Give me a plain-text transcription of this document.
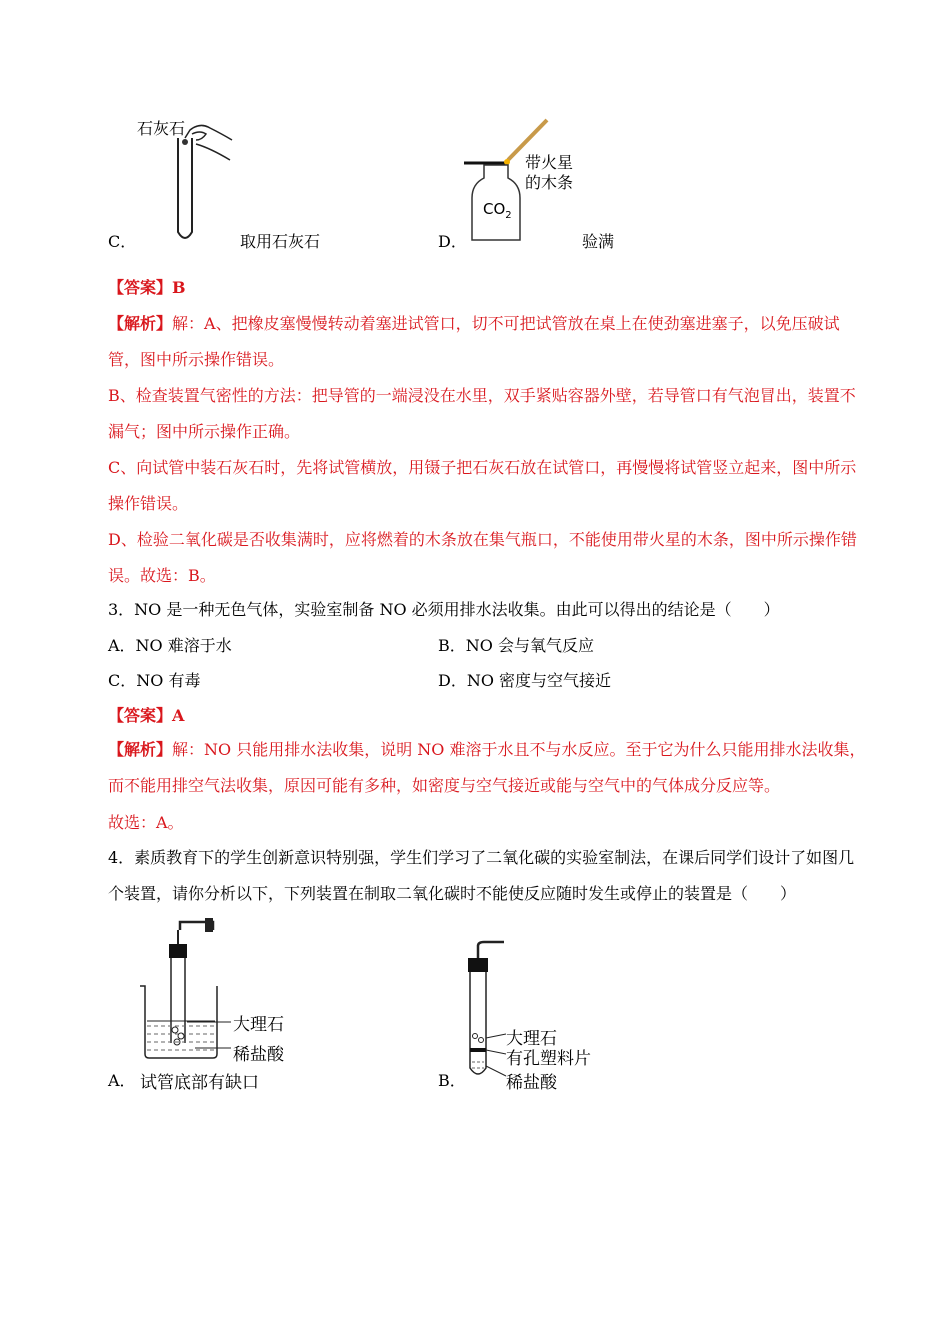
C．
石灰石
取用石灰石	D．
$CO_2$
带火星
的木条
验满
【答案】B
【解析】解：A、把橡皮塞慢慢转动着塞进试管口，切不可把试管放在桌上在使劲塞进塞子，以免压破试管，图中所示操作错误。
B、检查装置气密性的方法：把导管的一端浸没在水里，双手紧贴容器外壁，若导管口有气泡冒出，装置不漏气；图中所示操作正确。
C、向试管中装石灰石时，先将试管横放，用镊子把石灰石放在试管口，再慢慢将试管竖立起来，图中所示操作错误。
D、检验二氧化碳是否收集满时，应将燃着的木条放在集气瓶口，不能使用带火星的木条，图中所示操作错误。故选：B。
3．NO 是一种无色气体，实验室制备 NO 必须用排水法收集。由此可以得出的结论是（　　）
A．NO 难溶于水	B．NO 会与氧气反应
C．NO 有毒	D．NO 密度与空气接近
【答案】A
【解析】解：NO 只能用排水法收集，说明 NO 难溶于水且不与水反应。至于它为什么只能用排水法收集，而不能用排空气法收集，原因可能有多种，如密度与空气接近或能与空气中的气体成分反应等。
故选：A。
4．素质教育下的学生创新意识特别强，学生们学习了二氧化碳的实验室制法，在课后同学们设计了如图几个装置，请你分析以下，下列装置在制取二氧化碳时不能使反应随时发生或停止的装置是（　　）
大理石
稀盐酸
A． 试管底部有缺口
大理石
有孔塑料片
稀盐酸
B．
